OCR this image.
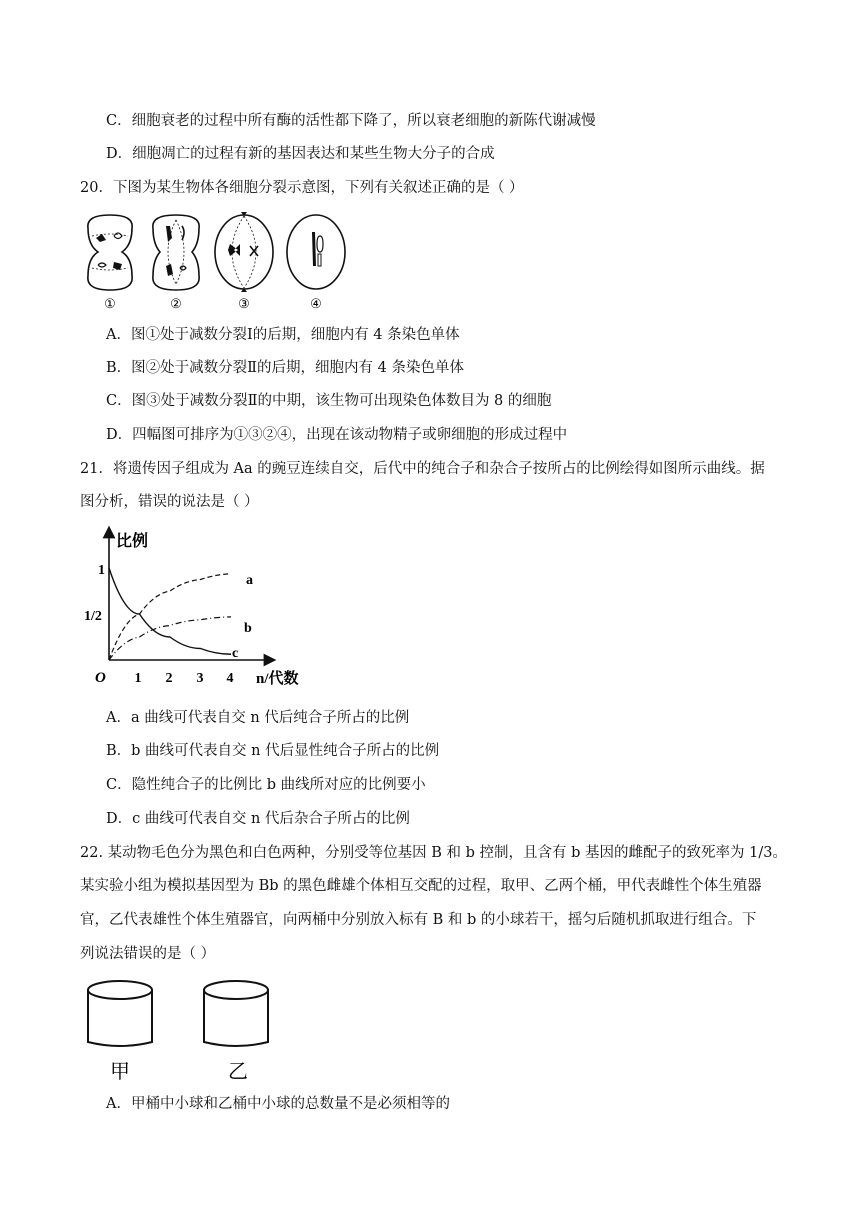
C．细胞衰老的过程中所有酶的活性都下降了，所以衰老细胞的新陈代谢减慢
D．细胞凋亡的过程有新的基因表达和某些生物大分子的合成
20．下图为某生物体各细胞分裂示意图，下列有关叙述正确的是（ ）
①	②	③	④
A．图①处于减数分裂Ⅰ的后期，细胞内有 4 条染色单体
B．图②处于减数分裂Ⅱ的后期，细胞内有 4 条染色单体
C．图③处于减数分裂Ⅱ的中期，该生物可出现染色体数目为 8 的细胞
D．四幅图可排序为①③②④，出现在该动物精子或卵细胞的形成过程中
21．将遗传因子组成为 Aa 的豌豆连续自交，后代中的纯合子和杂合子按所占的比例绘得如图所示曲线。据
图分析，错误的说法是（ ）
比例
n/代数
O
1
1/2
1 2 3 4
a
b
c
A．a 曲线可代表自交 n 代后纯合子所占的比例
B．b 曲线可代表自交 n 代后显性纯合子所占的比例
C．隐性纯合子的比例比 b 曲线所对应的比例要小
D．c 曲线可代表自交 n 代后杂合子所占的比例
22. 某动物毛色分为黑色和白色两种，分别受等位基因 B 和 b 控制，且含有 b 基因的雌配子的致死率为 1/3。
某实验小组为模拟基因型为 Bb 的黑色雌雄个体相互交配的过程，取甲、乙两个桶，甲代表雌性个体生殖器
官，乙代表雄性个体生殖器官，向两桶中分别放入标有 B 和 b 的小球若干，摇匀后随机抓取进行组合。下
列说法错误的是（ ）
甲	乙
A．甲桶中小球和乙桶中小球的总数量不是必须相等的
